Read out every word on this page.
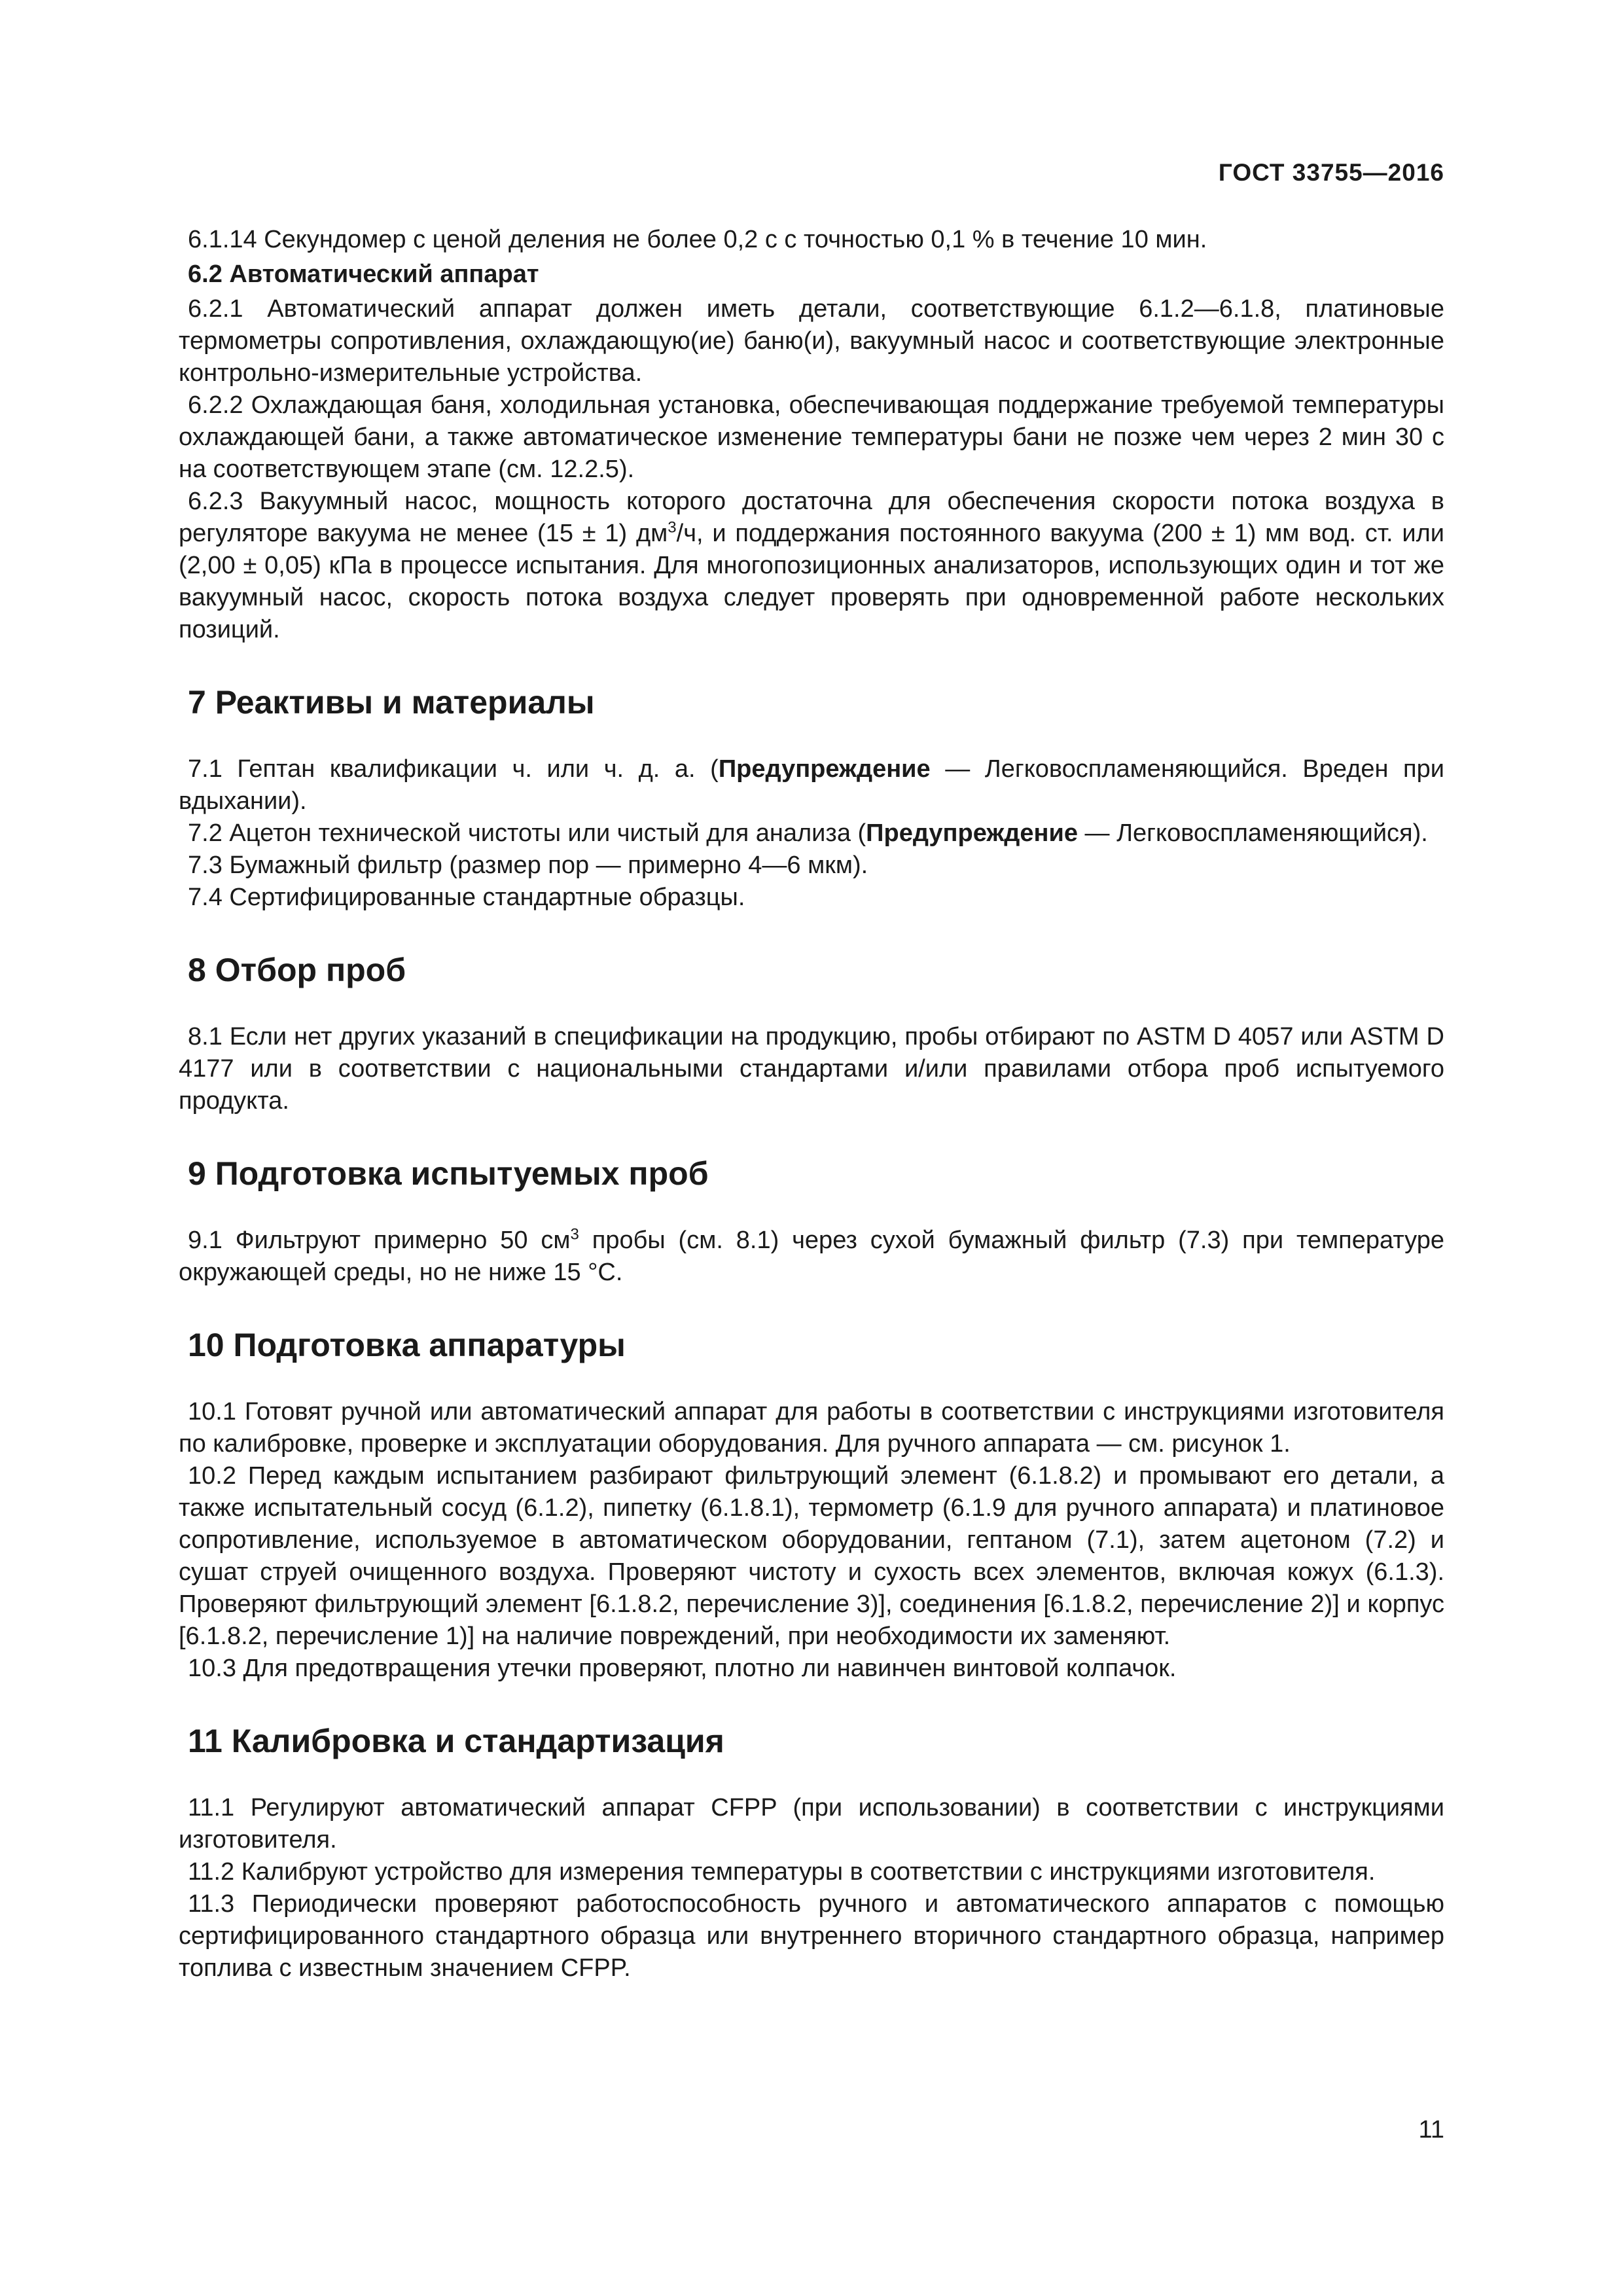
ГОСТ 33755—2016

6.1.14 Секундомер с ценой деления не более 0,2 с с точностью 0,1 % в течение 10 мин.

6.2 Автоматический аппарат

6.2.1 Автоматический аппарат должен иметь детали, соответствующие 6.1.2—6.1.8, платиновые термометры сопротивления, охлаждающую(ие) баню(и), вакуумный насос и соответствующие электронные контрольно-измерительные устройства.

6.2.2 Охлаждающая баня, холодильная установка, обеспечивающая поддержание требуемой температуры охлаждающей бани, а также автоматическое изменение температуры бани не позже чем через 2 мин 30 с на соответствующем этапе (см. 12.2.5).

6.2.3 Вакуумный насос, мощность которого достаточна для обеспечения скорости потока воздуха в регуляторе вакуума не менее (15 ± 1) $дм^3/ч$, и поддержания постоянного вакуума (200 ± 1) мм вод. ст. или (2,00 ± 0,05) кПа в процессе испытания. Для многопозиционных анализаторов, использующих один и тот же вакуумный насос, скорость потока воздуха следует проверять при одновременной работе нескольких позиций.

7 Реактивы и материалы

7.1 Гептан квалификации ч. или ч. д. а. (Предупреждение — Легковоспламеняющийся. Вреден при вдыхании).

7.2 Ацетон технической чистоты или чистый для анализа (Предупреждение — Легковоспламеняющийся).

7.3 Бумажный фильтр (размер пор — примерно 4—6 мкм).

7.4 Сертифицированные стандартные образцы.

8 Отбор проб

8.1 Если нет других указаний в спецификации на продукцию, пробы отбирают по ASTM D 4057 или ASTM D 4177 или в соответствии с национальными стандартами и/или правилами отбора проб испытуемого продукта.

9 Подготовка испытуемых проб

9.1 Фильтруют примерно 50 $см^3$ пробы (см. 8.1) через сухой бумажный фильтр (7.3) при температуре окружающей среды, но не ниже 15 °С.

10 Подготовка аппаратуры

10.1 Готовят ручной или автоматический аппарат для работы в соответствии с инструкциями изготовителя по калибровке, проверке и эксплуатации оборудования. Для ручного аппарата — см. рисунок 1.

10.2 Перед каждым испытанием разбирают фильтрующий элемент (6.1.8.2) и промывают его детали, а также испытательный сосуд (6.1.2), пипетку (6.1.8.1), термометр (6.1.9 для ручного аппарата) и платиновое сопротивление, используемое в автоматическом оборудовании, гептаном (7.1), затем ацетоном (7.2) и сушат струей очищенного воздуха. Проверяют чистоту и сухость всех элементов, включая кожух (6.1.3). Проверяют фильтрующий элемент [6.1.8.2, перечисление 3)], соединения [6.1.8.2, перечисление 2)] и корпус [6.1.8.2, перечисление 1)] на наличие повреждений, при необходимости их заменяют.

10.3 Для предотвращения утечки проверяют, плотно ли навинчен винтовой колпачок.

11 Калибровка и стандартизация

11.1 Регулируют автоматический аппарат CFPP (при использовании) в соответствии с инструкциями изготовителя.

11.2 Калибруют устройство для измерения температуры в соответствии с инструкциями изготовителя.

11.3 Периодически проверяют работоспособность ручного и автоматического аппаратов с помощью сертифицированного стандартного образца или внутреннего вторичного стандартного образца, например топлива с известным значением CFPP.

11
